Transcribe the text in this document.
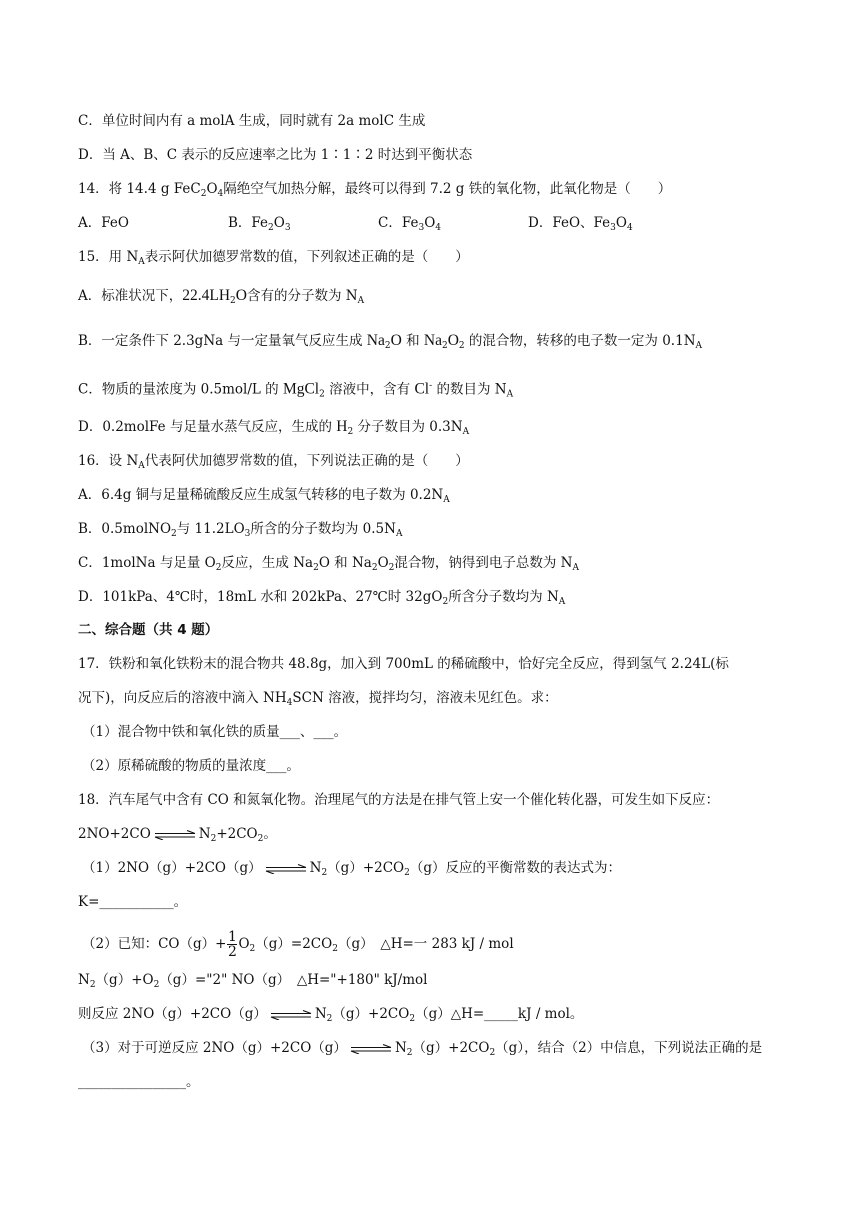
C．单位时间内有 a molA 生成，同时就有 2a molC 生成
D．当 A、B、C 表示的反应速率之比为 1∶1∶2 时达到平衡状态
14．将 14.4 g $FeC_2O_4$隔绝空气加热分解，最终可以得到 7.2 g 铁的氧化物，此氧化物是（　　）
A．FeO	B．$Fe_2O_3$	C．$Fe_3O_4$	D．FeO、$Fe_3O_4$
15．用 $N_A$表示阿伏加德罗常数的值，下列叙述正确的是（　　）
A．标准状况下，$22.4LH_2O$含有的分子数为 $N_A$
B．一定条件下 2.3gNa 与一定量氧气反应生成 $Na_2O$ 和 $Na_2O_2$ 的混合物，转移的电子数一定为 $0.1N_A$
C．物质的量浓度为 0.5mol/L 的 MgCl$_2$ 溶液中，含有 Cl- 的数目为 $N_A$
D．0.2molFe 与足量水蒸气反应，生成的 $H_2$ 分子数目为 $0.3N_A$
16．设 $N_A$代表阿伏加德罗常数的值，下列说法正确的是（　　）
A．6.4g 铜与足量稀硫酸反应生成氢气转移的电子数为 $0.2N_A$
B．0.5molNO$_2$与 $11.2LO_3$所含的分子数均为 $0.5N_A$
C．1molNa 与足量 $O_2$反应，生成 $Na_2O$ 和 $Na_2O_2$混合物，钠得到电子总数为 $N_A$
D．101kPa、4℃时，18mL 水和 202kPa、27℃时 $32gO_2$所含分子数均为 $N_A$
二、综合题（共 4 题）
17．铁粉和氧化铁粉末的混合物共 48.8g，加入到 700mL 的稀硫酸中，恰好完全反应，得到氢气 2.24L(标
况下)，向反应后的溶液中滴入 $NH_4SCN$ 溶液，搅拌均匀，溶液未见红色。求：
（1）混合物中铁和氧化铁的质量___、___。
（2）原稀硫酸的物质的量浓度___。
18．汽车尾气中含有 CO 和氮氧化物。治理尾气的方法是在排气管上安一个催化转化器，可发生如下反应：
2NO+2CO	$N_2+2CO_2$。
（1）2NO（g）+2CO（g）	$N_2(g)+2CO_2(g)$反应的平衡常数的表达式为：
K=___________。
（2）已知：$CO(g)+ \frac{1}{2} O_2(g)=2CO_2(g)$　△H=一 283 kJ / mol
$N_2(g)+O_2(g)="2$" NO（g）　△H="+180" kJ/mol
则反应 2NO（g）+2CO（g）	$N_2(g)+2CO_2(g)\triangle H=\_\_\_\_\_kJ$ / mol。
（3）对于可逆反应 2NO（g）+2CO（g）	$N_2(g)+2CO_2(g)$，结合（2）中信息，下列说法正确的是
________________。
